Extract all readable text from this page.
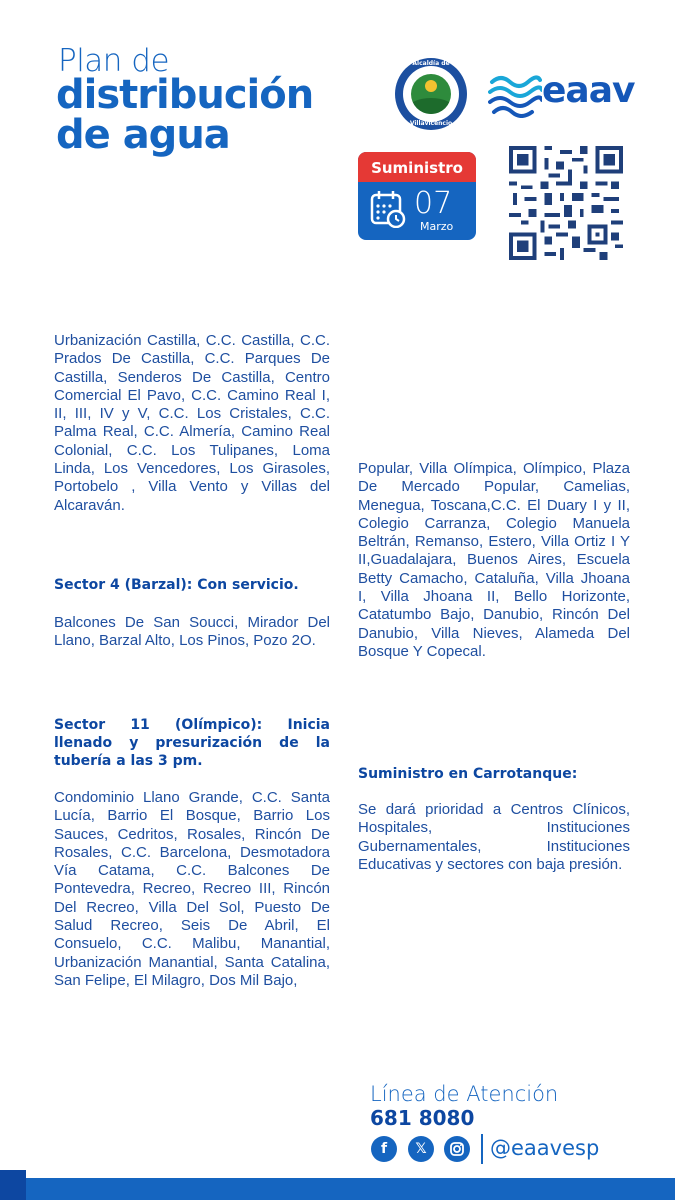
Plan de
distribución
de agua
Alcaldía de
Villavicencio
eaav
Suministro
07
Marzo

Urbanización Castilla, C.C. Castilla, C.C. Prados De Castilla, C.C. Parques De Castilla, Senderos De Castilla, Centro Comercial El Pavo, C.C. Camino Real I, II, III, IV y V, C.C. Los Cristales, C.C. Palma Real, C.C. Almería, Camino Real Colonial, C.C. Los Tulipanes, Loma Linda, Los Vencedores, Los Girasoles, Portobelo , Villa Vento y Villas del Alcaraván.

Sector 4 (Barzal): Con servicio.

Balcones De San Soucci, Mirador Del Llano, Barzal Alto, Los Pinos, Pozo 2O.

Sector 11 (Olímpico): Inicia llenado y presurización de la tubería a las 3 pm.

Condominio Llano Grande, C.C. Santa Lucía, Barrio El Bosque, Barrio Los Sauces, Cedritos, Rosales, Rincón De Rosales, C.C. Barcelona, Desmotadora Vía Catama, C.C. Balcones De Pontevedra, Recreo, Recreo III, Rincón Del Recreo, Villa Del Sol, Puesto De Salud Recreo, Seis De Abril, El Consuelo, C.C. Malibu, Manantial, Urbanización Manantial, Santa Catalina, San Felipe, El Milagro, Dos Mil Bajo,

Popular, Villa Olímpica, Olímpico, Plaza De Mercado Popular, Camelias, Menegua, Toscana,C.C. El Duary I y II, Colegio Carranza, Colegio Manuela Beltrán, Remanso, Estero, Villa Ortiz I Y II,Guadalajara, Buenos Aires, Escuela Betty Camacho, Cataluña, Villa Jhoana I, Villa Jhoana II, Bello Horizonte, Catatumbo Bajo, Danubio, Rincón Del Danubio, Villa Nieves, Alameda Del Bosque Y Copecal.

Suministro en Carrotanque:

Se dará prioridad a Centros Clínicos, Hospitales, Instituciones Gubernamentales, Instituciones Educativas y sectores con baja presión.

Línea de Atención
681 8080
f	𝕏	@eaavesp
